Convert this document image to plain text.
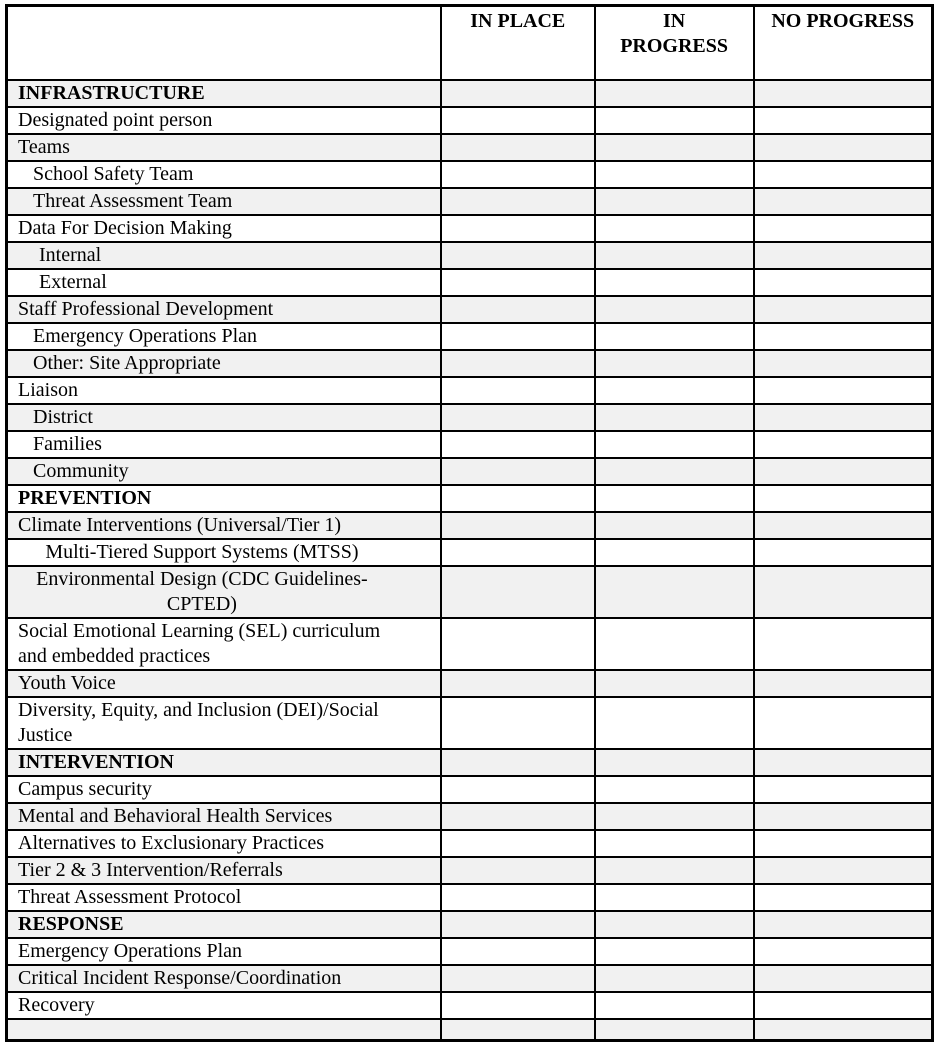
	IN PLACE	IN PROGRESS	NO PROGRESS
INFRASTRUCTURE			
Designated point person			
Teams			
School Safety Team			
Threat Assessment Team			
Data For Decision Making			
Internal			
External			
Staff Professional Development			
Emergency Operations Plan			
Other: Site Appropriate			
Liaison			
District			
Families			
Community			
PREVENTION			
Climate Interventions (Universal/Tier 1)			
Multi-Tiered Support Systems (MTSS)			
Environmental Design (CDC Guidelines-CPTED)			
Social Emotional Learning (SEL) curriculum and embedded practices			
Youth Voice			
Diversity, Equity, and Inclusion (DEI)/Social Justice			
INTERVENTION			
Campus security			
Mental and Behavioral Health Services			
Alternatives to Exclusionary Practices			
Tier 2 & 3 Intervention/Referrals			
Threat Assessment Protocol			
RESPONSE			
Emergency Operations Plan			
Critical Incident Response/Coordination			
Recovery			
